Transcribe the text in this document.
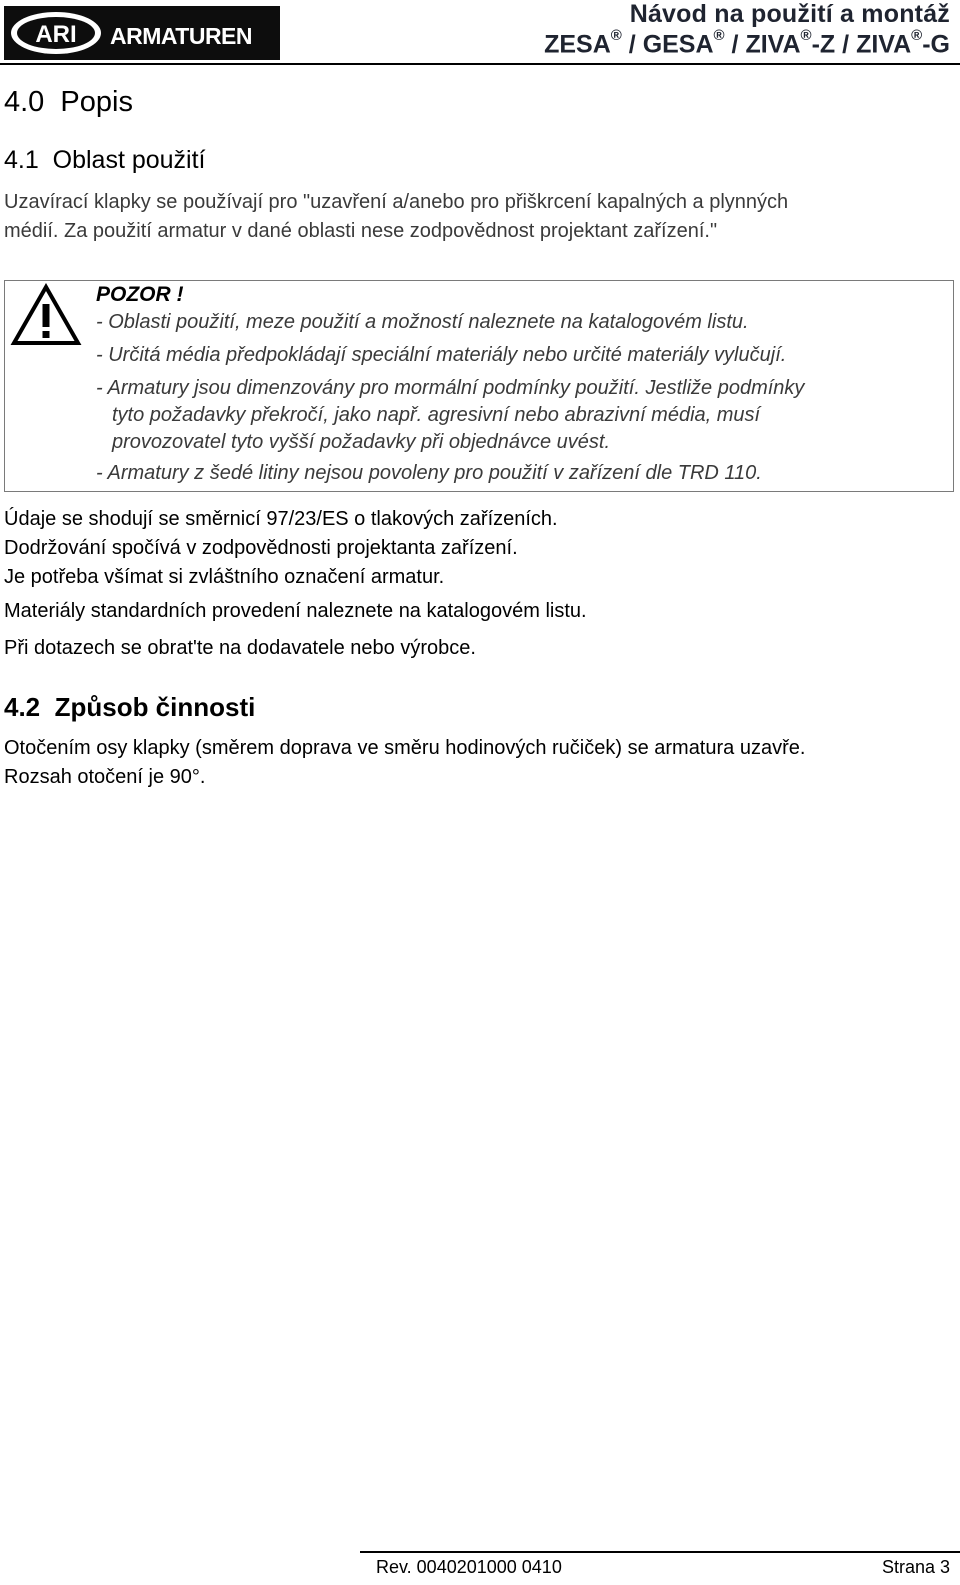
ARI ARMATUREN
Návod na použití a montáž
ZESA® / GESA® / ZIVA®-Z / ZIVA®-G
4.0  Popis
4.1  Oblast použití
Uzavírací klapky se používají pro "uzavření a/anebo pro přiškrcení kapalných a plynných
médií. Za použití armatur v dané oblasti nese zodpovědnost projektant zařízení."
POZOR !
- Oblasti použití, meze použití a možností naleznete na katalogovém listu.
- Určitá média předpokládají speciální materiály nebo určité materiály vylučují.
- Armatury jsou dimenzovány pro mormální podmínky použití. Jestliže podmínky
tyto požadavky překročí, jako např. agresivní nebo abrazivní média, musí
provozovatel tyto vyšší požadavky při objednávce uvést.
- Armatury z šedé litiny nejsou povoleny pro použití v zařízení dle TRD 110.
Údaje se shodují se směrnicí 97/23/ES o tlakových zařízeních.
Dodržování spočívá v zodpovědnosti projektanta zařízení.
Je potřeba všímat si zvláštního označení armatur.
Materiály standardních provedení naleznete na katalogovém listu.
Při dotazech se obrat'te na dodavatele nebo výrobce.
4.2  Způsob činnosti
Otočením osy klapky (směrem doprava ve směru hodinových ručiček) se armatura uzavře.
Rozsah otočení je 90°.
Rev. 0040201000 0410	Strana 3
